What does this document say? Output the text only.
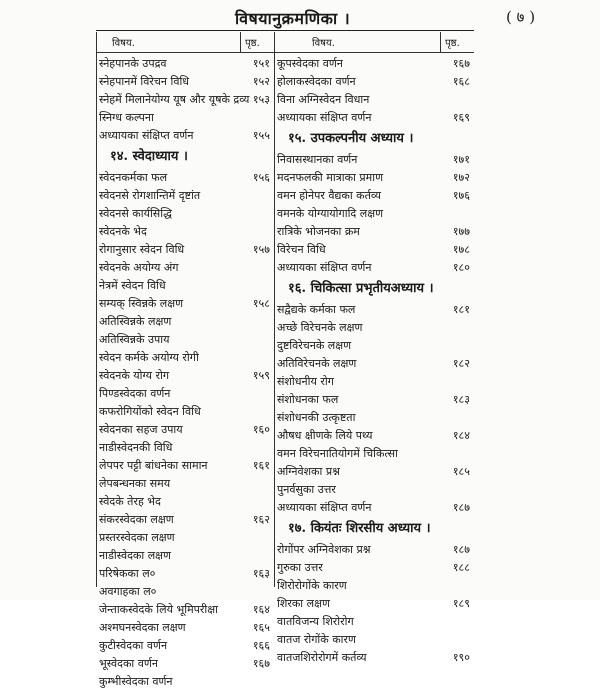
विषयानुक्रमणिका ।	( ७ )
विषय.	पृष्ठ.	विषय.	पृष्ठ.
स्नेहपानके उपद्रव	१५१
स्नेहपानमें विरेचन विधि	१५२
स्नेहमें मिलानेयोग्य यूष और यूषके द्रव्य १५३
स्निग्ध कल्पना
अध्यायका संक्षिप्त वर्णन	१५५
१४. स्वेदाध्याय ।
स्वेदनकर्मका फल	१५६
स्वेदनसे रोगशान्तिमें दृष्टांत
स्वेदनसे कार्यसिद्धि
स्वेदनके भेद
रोगानुसार स्वेदन विधि	१५७
स्वेदनके अयोग्य अंग
नेत्रमें स्वेदन विधि
सम्यक् स्विन्नके लक्षण	१५८
अतिस्विन्नके लक्षण
अतिस्विन्नके उपाय
स्वेदन कर्मके अयोग्य रोगी
स्वेदनके योग्य रोग	१५९
पिण्डस्वेदका वर्णन
कफरोगियोंको स्वेदन विधि
स्वेदनका सहज उपाय	१६०
नाडीस्वेदनकी विधि
लेपपर पट्टी बांधनेका सामान	१६१
लेपबन्धनका समय
स्वेदके तेरह भेद
संकरस्वेदका लक्षण	१६२
प्रस्तरस्वेदका लक्षण
नाडीस्वेदका लक्षण
परिषेकका ल०	१६३
अवगाहका ल०
जेन्ताकस्वेदके लिये भूमिपरीक्षा	१६४
अश्मघनस्वेदका लक्षण	१६५
कुटीस्वेदका वर्णन	१६६
भूस्वेदका वर्णन	१६७
कुम्भीस्वेदका वर्णन
कूपस्वेदका वर्णन	१६७
होलाकस्वेदका वर्णन	१६८
विना अग्निस्वेदन विधान
अध्यायका संक्षिप्त वर्णन	१६९
१५. उपकल्पनीय अध्याय ।
निवासस्थानका वर्णन	१७१
मदनफलकी मात्राका प्रमाण	१७२
वमन होनेपर वैद्यका कर्तव्य	१७६
वमनके योग्यायोगादि लक्षण
रात्रिके भोजनका क्रम	१७७
विरेचन विधि	१७८
अध्यायका संक्षिप्त वर्णन	१८०
१६. चिकित्सा प्रभृतीयअध्याय ।
सद्वैद्यके कर्मका फल	१८१
अच्छे विरेचनके लक्षण
दुष्टविरेचनके लक्षण
अतिविरेचनके लक्षण	१८२
संशोधनीय रोग
संशोधनका फल	१८३
संशोधनकी उत्कृष्टता
औषध क्षीणके लिये पथ्य	१८४
वमन विरेचनातियोगमें चिकित्सा
अग्निवेशका प्रश्न	१८५
पुनर्वसुका उत्तर
अध्यायका संक्षिप्त वर्णन	१८७
१७. कियंतः शिरसीय अध्याय ।
रोगोंपर अग्निवेशका प्रश्न	१८७
गुरुका उत्तर	१८८
शिरोरोगोंके कारण
शिरका लक्षण	१८९
वातविजन्य शिरोरोग
वातज रोगोंके कारण
वातजशिरोरोगमें कर्तव्य	१९०
